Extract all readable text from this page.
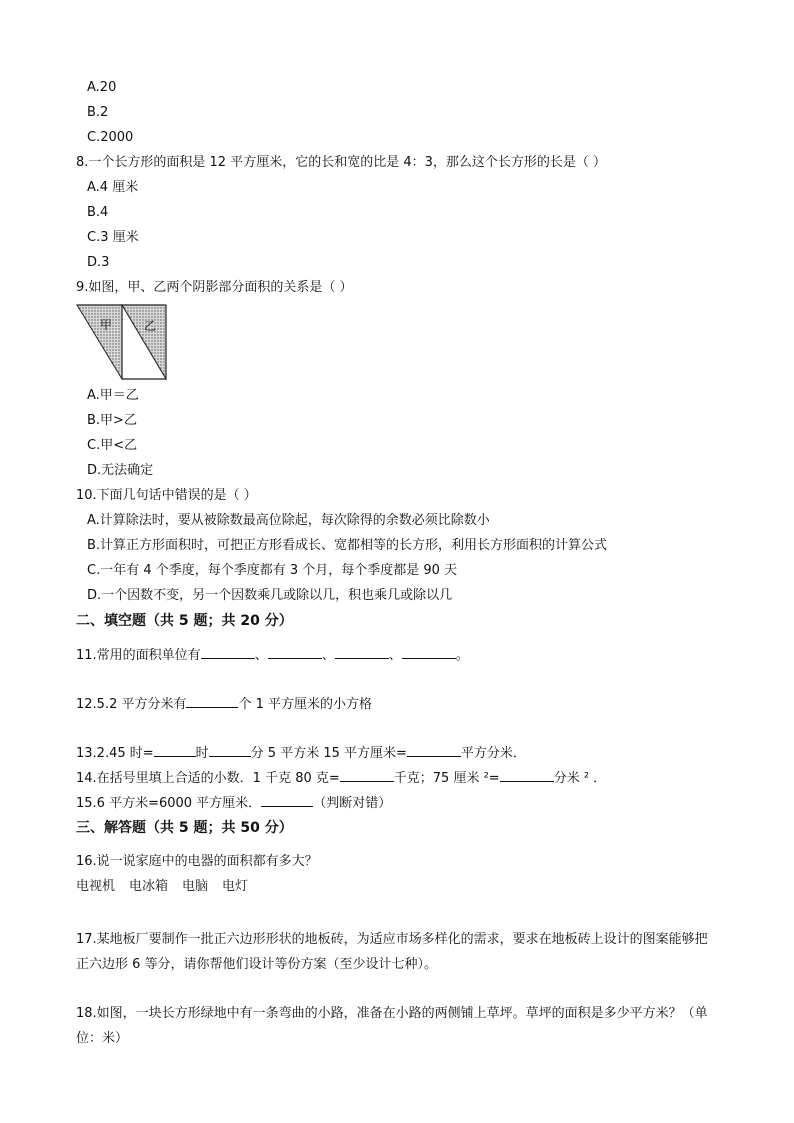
A.20
B.2
C.2000
8.一个长方形的面积是 12 平方厘米，它的长和宽的比是 4：3，那么这个长方形的长是（ ）
A.4 厘米
B.4
C.3 厘米
D.3
9.如图，甲、乙两个阴影部分面积的关系是（ ）
甲	乙
A.甲＝乙
B.甲>乙
C.甲<乙
D.无法确定
10.下面几句话中错误的是（ ）
A.计算除法时，要从被除数最高位除起，每次除得的余数必须比除数小
B.计算正方形面积时，可把正方形看成长、宽都相等的长方形，利用长方形面积的计算公式
C.一年有 4 个季度，每个季度都有 3 个月，每个季度都是 90 天
D.一个因数不变，另一个因数乘几或除以几，积也乘几或除以几
二、填空题（共 5 题；共 20 分）
11.常用的面积单位有	、	、	、	。
12.5.2 平方分米有	个 1 平方厘米的小方格
13.2.45 时=	时	分 5 平方米 15 平方厘米=	平方分米．
14.在括号里填上合适的小数．1 千克 80 克=	千克；75 厘米 ²=	分米 ² ．
15.6 平方米=6000 平方厘米．	（判断对错）
三、解答题（共 5 题；共 50 分）
16.说一说家庭中的电器的面积都有多大？
电视机 电冰箱 电脑 电灯
17.某地板厂要制作一批正六边形形状的地板砖，为适应市场多样化的需求，要求在地板砖上设计的图案能够把正六边形 6 等分，请你帮他们设计等份方案（至少设计七种）。
18.如图，一块长方形绿地中有一条弯曲的小路，准备在小路的两侧铺上草坪。草坪的面积是多少平方米？（单位：米）
